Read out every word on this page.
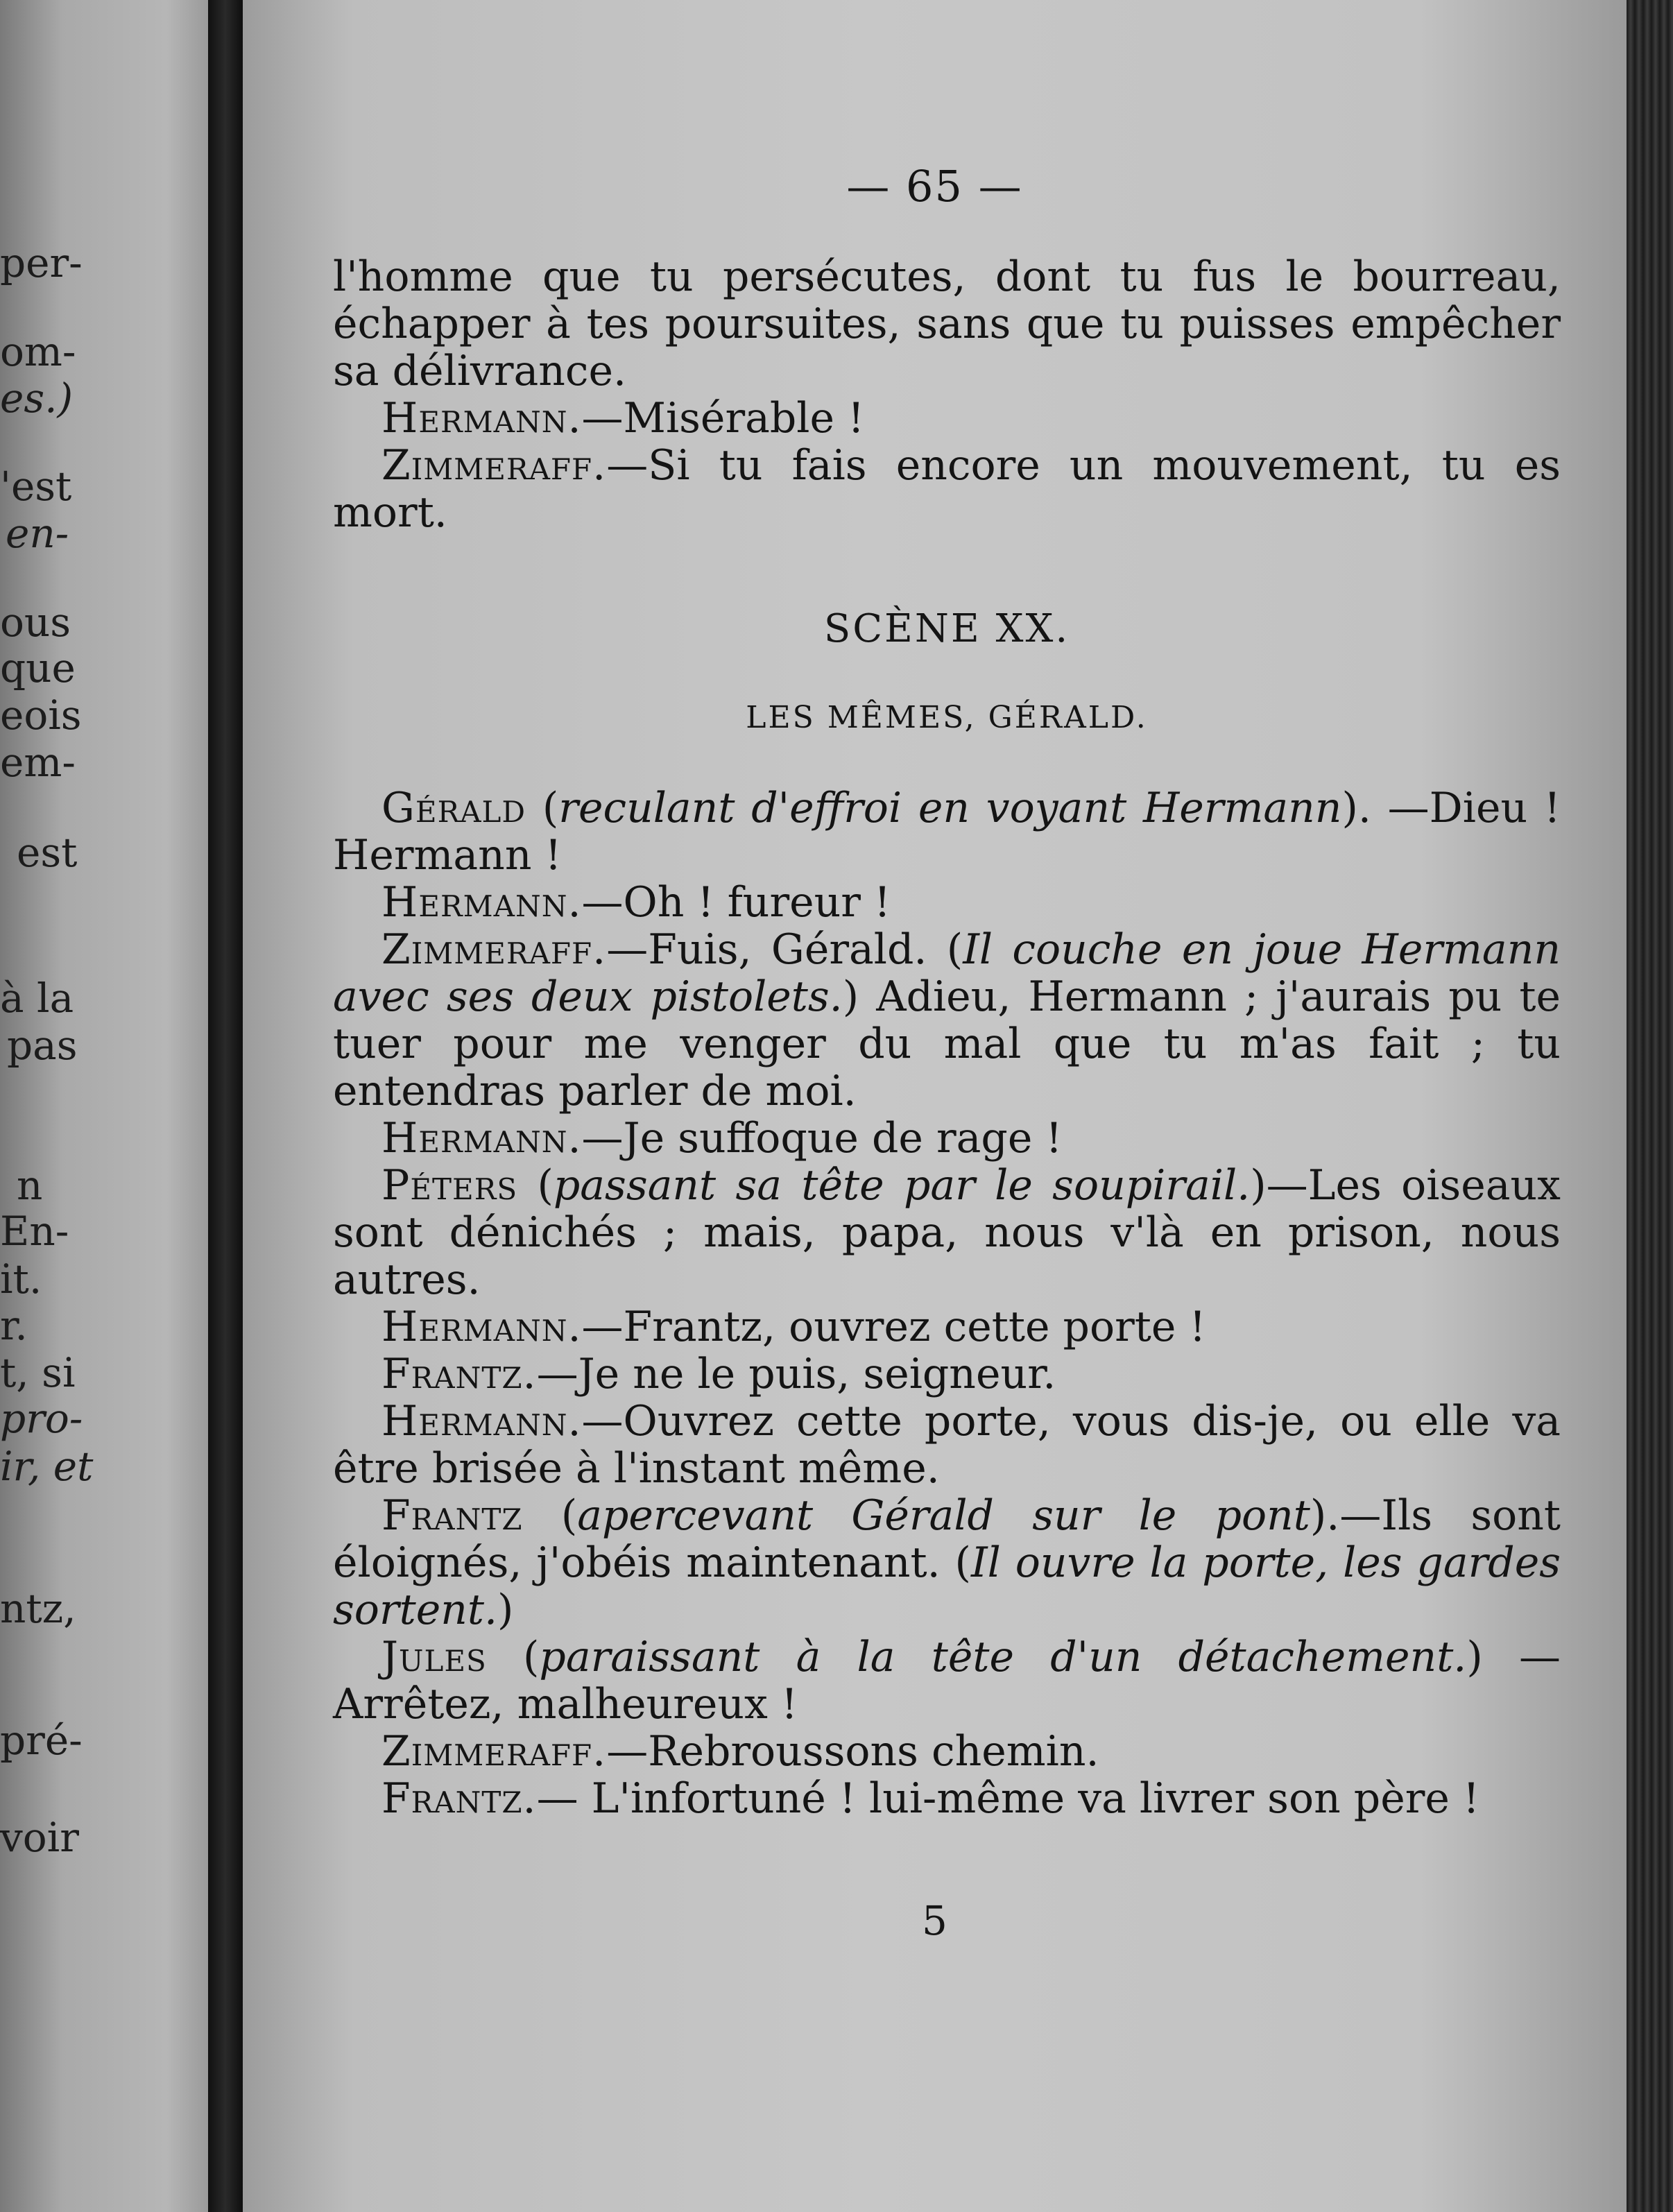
per-
om-
es.)
'est
en-
ous
que
eois
em-
est
à la
pas
n
En-
it.
r.
t, si
pro-
ir, et
ntz,
pré-
voir
— 65 —

l'homme que tu persécutes, dont tu fus le bourreau, échapper à tes poursuites, sans que tu puisses empêcher sa délivrance.

Hermann.—Misérable !

Zimmeraff.—Si tu fais encore un mouvement, tu es mort.

SCÈNE XX.
LES MÊMES, GÉRALD.

Gérald (reculant d'effroi en voyant Hermann). —Dieu ! Hermann !

Hermann.—Oh ! fureur !

Zimmeraff.—Fuis, Gérald. (Il couche en joue Hermann avec ses deux pistolets.) Adieu, Hermann ; j'aurais pu te tuer pour me venger du mal que tu m'as fait ; tu entendras parler de moi.

Hermann.—Je suffoque de rage !

Péters (passant sa tête par le soupirail.)—Les oiseaux sont dénichés ; mais, papa, nous v'là en prison, nous autres.

Hermann.—Frantz, ouvrez cette porte !

Frantz.—Je ne le puis, seigneur.

Hermann.—Ouvrez cette porte, vous dis-je, ou elle va être brisée à l'instant même.

Frantz (apercevant Gérald sur le pont).—Ils sont éloignés, j'obéis maintenant. (Il ouvre la porte, les gardes sortent.)

Jules (paraissant à la tête d'un détachement.) —Arrêtez, malheureux !

Zimmeraff.—Rebroussons chemin.

Frantz.— L'infortuné ! lui-même va livrer son père !

5
